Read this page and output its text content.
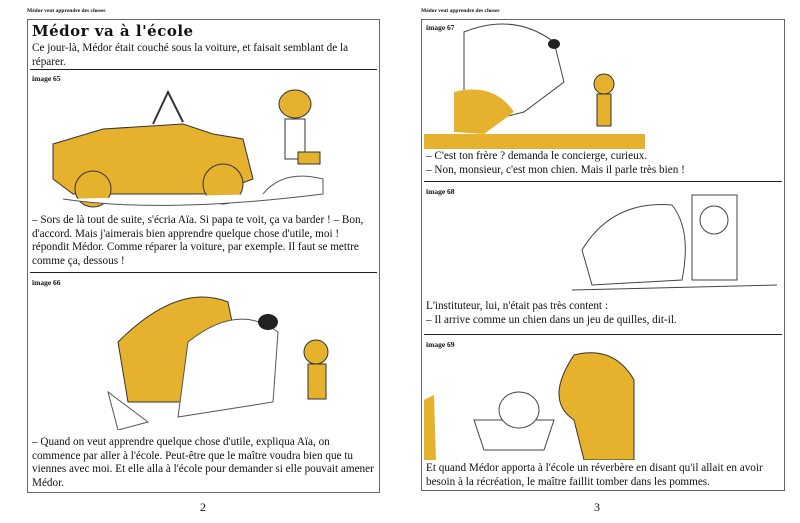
Médor veut apprendre des choses	Médor veut apprendre des choses
Médor va à l'école
Ce jour-là, Médor était couché sous la voiture, et faisait semblant de la réparer.
image 65
– Sors de là tout de suite, s'écria Aïa. Si papa te voit, ça va barder ! – Bon, d'accord. Mais j'aimerais bien apprendre quelque chose d'utile, moi ! répondit Médor. Comme réparer la voiture, par exemple. Il faut se mettre comme ça, dessous !
image 66
– Quand on veut apprendre quelque chose d'utile, expliqua Aïa, on commence par aller à l'école. Peut-être que le maître voudra bien que tu viennes avec moi. Et elle alla à l'école pour demander si elle pouvait amener Médor.
2
image 67
– C'est ton frère ? demanda le concierge, curieux.
– Non, monsieur, c'est mon chien. Mais il parle très bien !
image 68
L'instituteur, lui, n'était pas très content :
– Il arrive comme un chien dans un jeu de quilles, dit-il.
image 69
Et quand Médor apporta à l'école un réverbère en disant qu'il allait en avoir besoin à la récréation, le maître faillit tomber dans les pommes.
3
